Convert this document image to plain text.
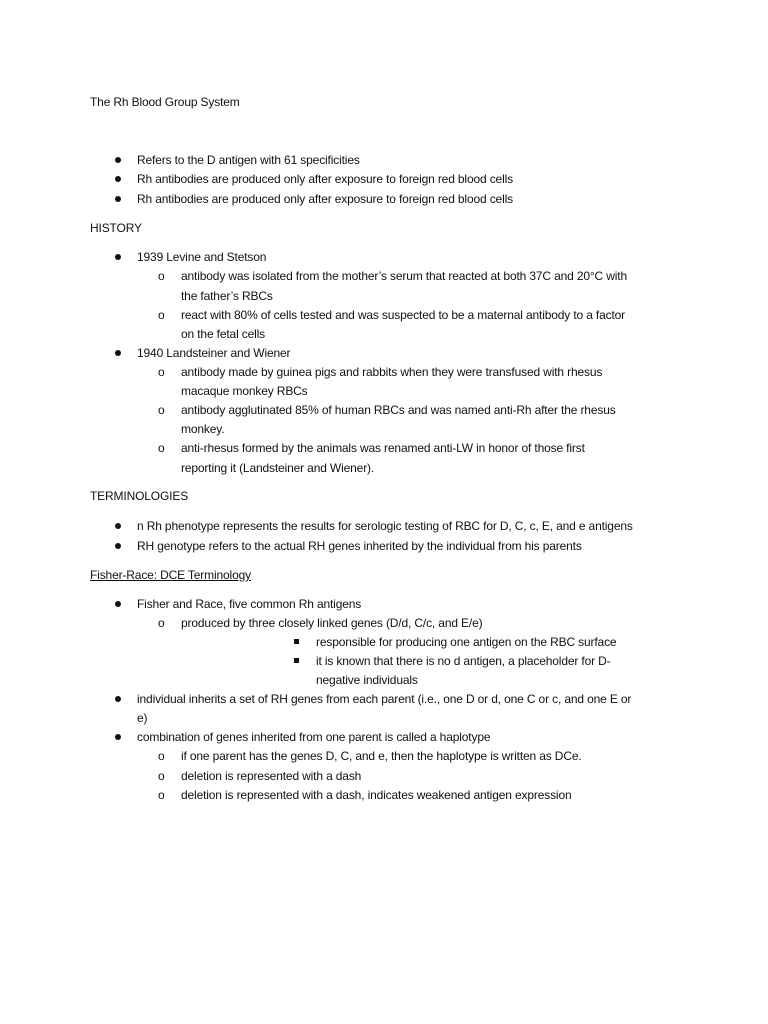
The Rh Blood Group System
Refers to the D antigen with 61 specificities
Rh antibodies are produced only after exposure to foreign red blood cells
Rh antibodies are produced only after exposure to foreign red blood cells
HISTORY
1939 Levine and Stetson
o antibody was isolated from the mother’s serum that reacted at both 37C and 20°C with
the father’s RBCs
o react with 80% of cells tested and was suspected to be a maternal antibody to a factor
on the fetal cells
1940 Landsteiner and Wiener
o antibody made by guinea pigs and rabbits when they were transfused with rhesus
macaque monkey RBCs
o antibody agglutinated 85% of human RBCs and was named anti-Rh after the rhesus
monkey.
o anti-rhesus formed by the animals was renamed anti-LW in honor of those first
reporting it (Landsteiner and Wiener).
TERMINOLOGIES
n Rh phenotype represents the results for serologic testing of RBC for D, C, c, E, and e antigens
RH genotype refers to the actual RH genes inherited by the individual from his parents
Fisher-Race: DCE Terminology
Fisher and Race, five common Rh antigens
o produced by three closely linked genes (D/d, C/c, and E/e)
responsible for producing one antigen on the RBC surface
it is known that there is no d antigen, a placeholder for D-
negative individuals
individual inherits a set of RH genes from each parent (i.e., one D or d, one C or c, and one E or
e)
combination of genes inherited from one parent is called a haplotype
o if one parent has the genes D, C, and e, then the haplotype is written as DCe.
o deletion is represented with a dash
o deletion is represented with a dash, indicates weakened antigen expression
